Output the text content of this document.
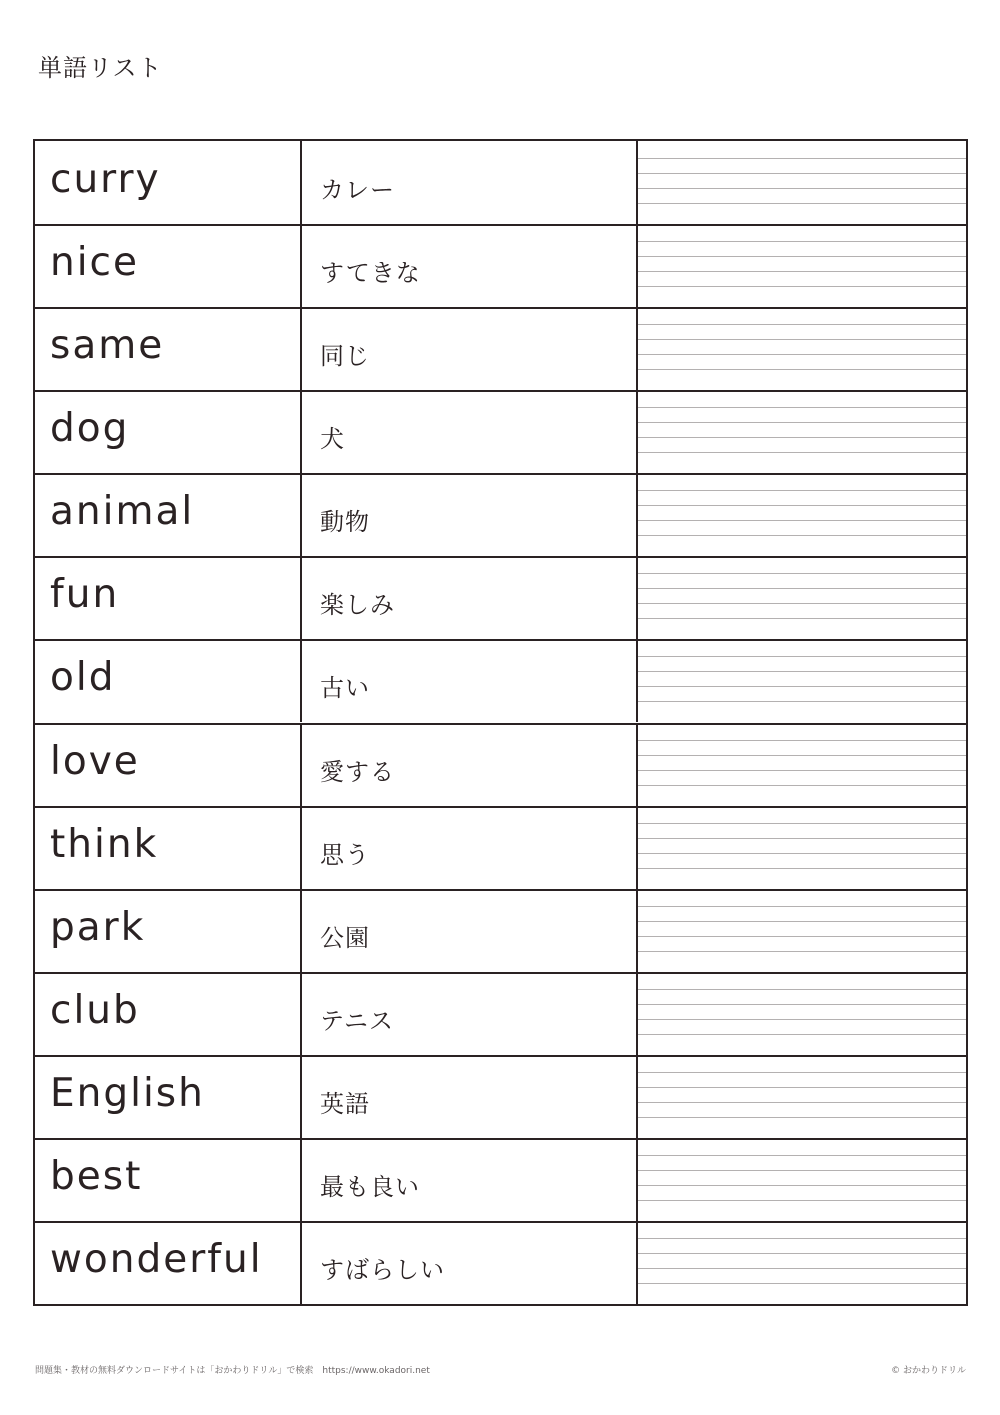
単語リスト
curry	カレー
nice	すてきな
same	同じ
dog	犬
animal	動物
fun	楽しみ
old	古い
love	愛する
think	思う
park	公園
club	テニス
English	英語
best	最も良い
wonderful すばらしい
問題集・教材の無料ダウンロードサイトは「おかわりドリル」で検索　https://www.okadori.net	© おかわりドリル
